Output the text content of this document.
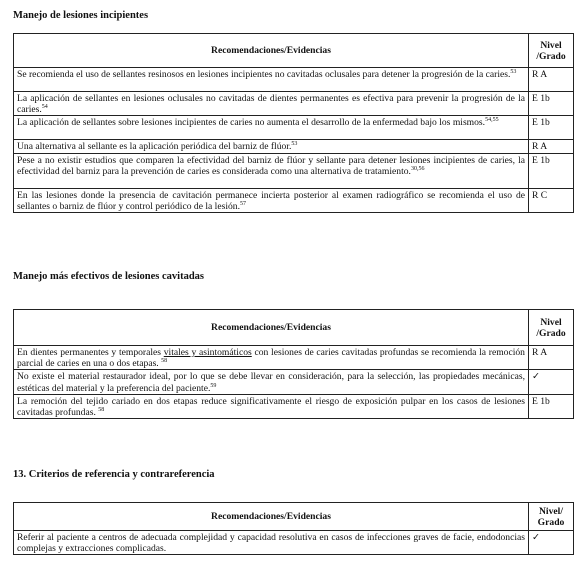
Manejo de lesiones incipientes
Recomendaciones/Evidencias	Nivel
/Grado
Se recomienda el uso de sellantes resinosos en lesiones incipientes no cavitadas oclusales para detener la progresión de la caries.$^{53}$	R A
La aplicación de sellantes en lesiones oclusales no cavitadas de dientes permanentes es efectiva para prevenir la progresión de la caries.$^{54}$	E 1b
La aplicación de sellantes sobre lesiones incipientes de caries no aumenta el desarrollo de la enfermedad bajo los mismos.$^{54,55}$	E 1b
Una alternativa al sellante es la aplicación periódica del barniz de flúor.$^{53}$	R A
Pese a no existir estudios que comparen la efectividad del barniz de flúor y sellante para detener lesiones incipientes de caries, la efectividad del barniz para la prevención de caries es considerada como una alternativa de tratamiento.$^{30,56}$	E 1b
En las lesiones donde la presencia de cavitación permanece incierta posterior al examen radiográfico se recomienda el uso de sellantes o barniz de flúor y control periódico de la lesión.$^{57}$	R C
Manejo más efectivos de lesiones cavitadas
Recomendaciones/Evidencias	Nivel
/Grado
En dientes permanentes y temporales vitales y asintomáticos con lesiones de caries cavitadas profundas se recomienda la remoción parcial de caries en una o dos etapas. $^{58}$	R A
No existe el material restaurador ideal, por lo que se debe llevar en consideración, para la selección, las propiedades mecánicas, estéticas del material y la preferencia del paciente.$^{59}$	✓
La remoción del tejido cariado en dos etapas reduce significativamente el riesgo de exposición pulpar en los casos de lesiones cavitadas profundas. $^{58}$	E 1b
13. Criterios de referencia y contrareferencia
Recomendaciones/Evidencias	Nivel/
Grado
Referir al paciente a centros de adecuada complejidad y capacidad resolutiva en casos de infecciones graves de facie, endodoncias complejas y extracciones complicadas.	✓
